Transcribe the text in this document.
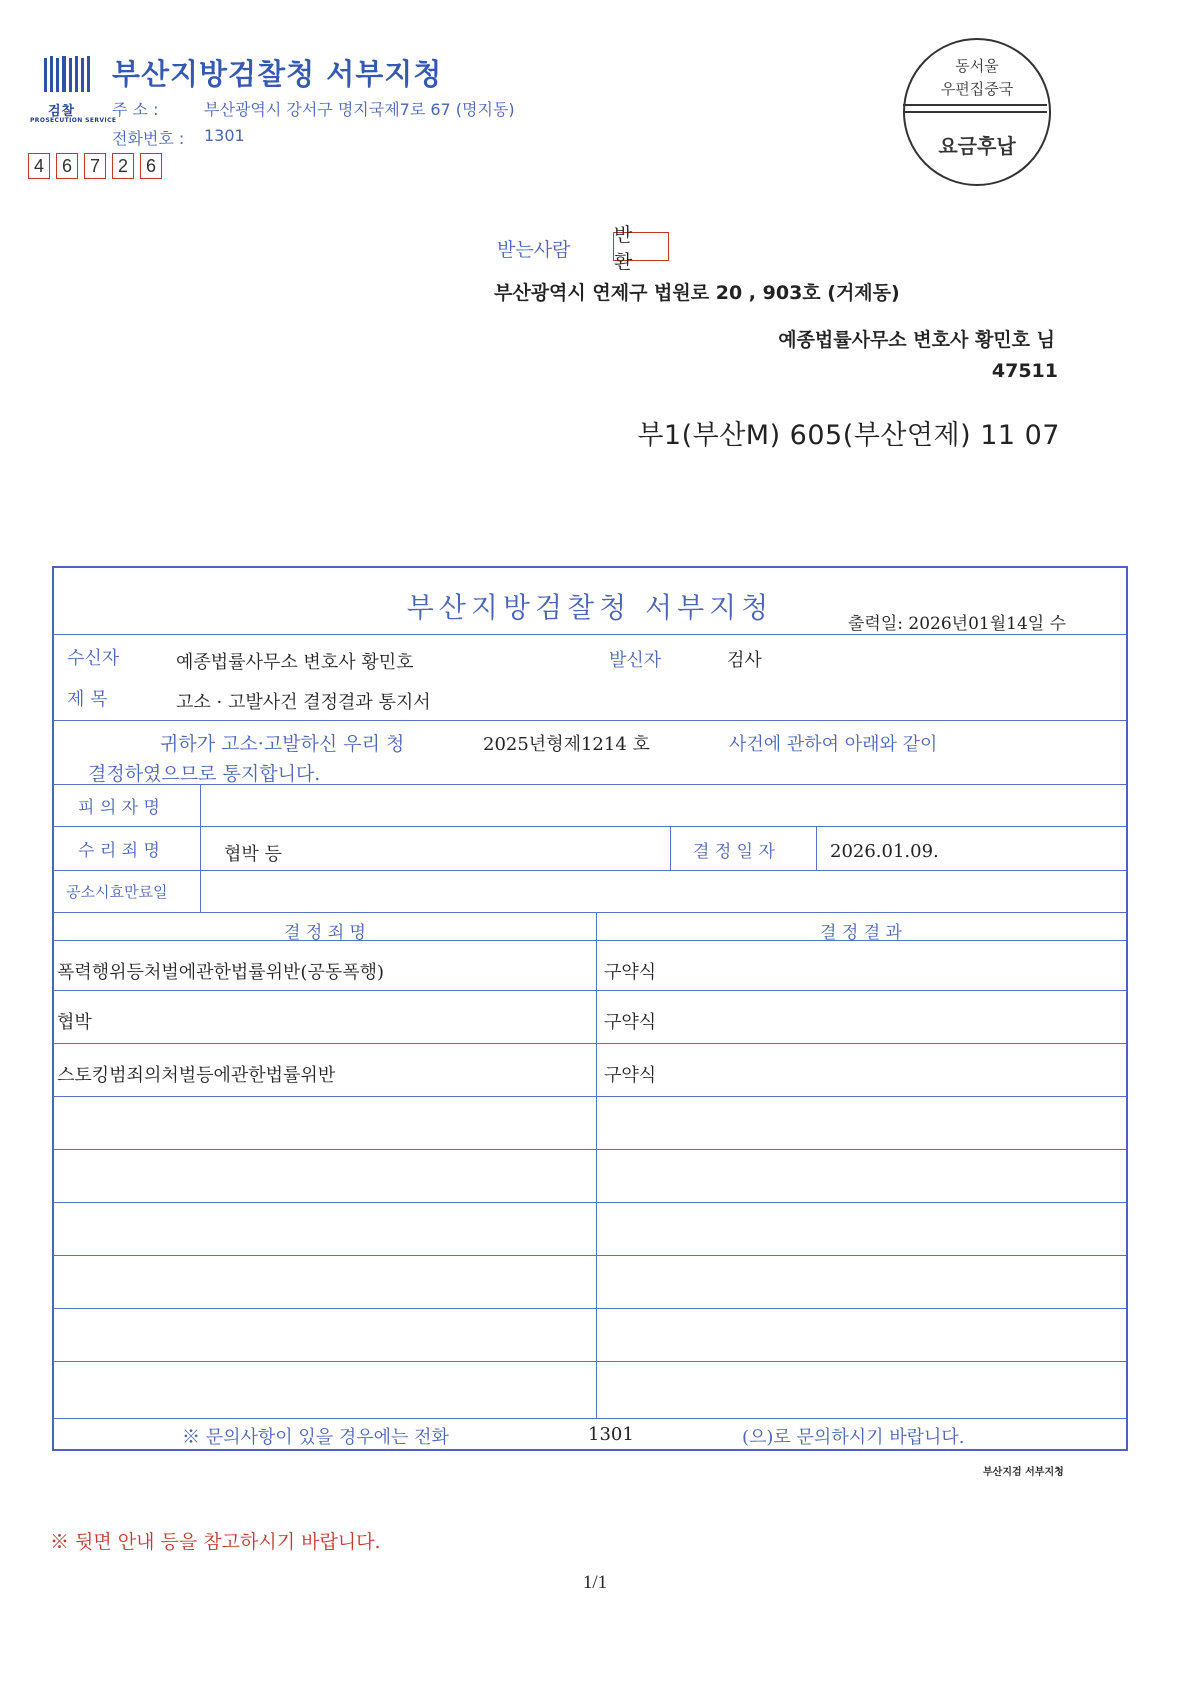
검찰
PROSECUTION SERVICE
부산지방검찰청 서부지청
주 소 :	부산광역시 강서구 명지국제7로 67 (명지동)
전화번호 : 1301
4 6 7 2 6
동서울
우편집중국
요금후납
받는사람
반 환
부산광역시 연제구 법원로 20 , 903호 (거제동)
예종법률사무소 변호사 황민호 님
47511
부1(부산M) 605(부산연제) 11 07
부산지방검찰청 서부지청	출력일: 2026년01월14일 수
수신자	예종법률사무소 변호사 황민호	발신자	검사
제 목	고소 · 고발사건 결정결과 통지서
귀하가 고소·고발하신 우리 청	2025년형제1214 호	사건에 관하여 아래와 같이
결정하였으므로 통지합니다.
피 의 자 명
수 리 죄 명	협박 등	결 정 일 자	2026.01.09.
공소시효만료일
결 정 죄 명	결 정 결 과
폭력행위등처벌에관한법률위반(공동폭행)	구약식
협박	구약식
스토킹범죄의처벌등에관한법률위반	구약식
※ 문의사항이 있을 경우에는 전화	1301	(으)로 문의하시기 바랍니다.
부산지검 서부지청
※ 뒷면 안내 등을 참고하시기 바랍니다.
1/1
